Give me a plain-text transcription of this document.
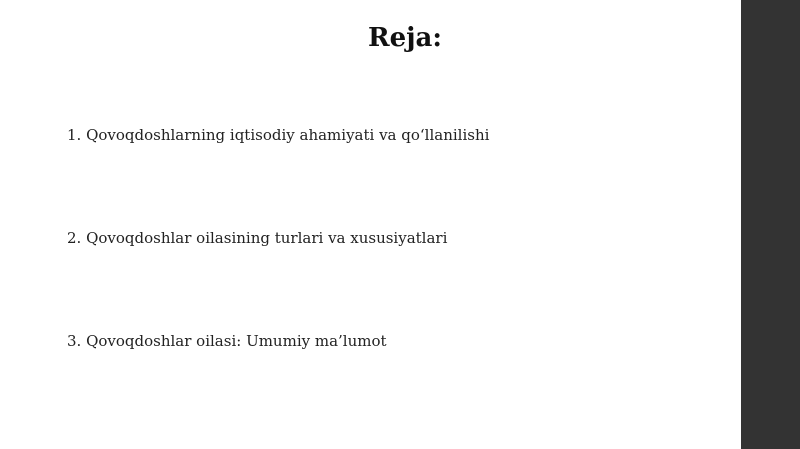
Reja:
1. Qovoqdoshlarning iqtisodiy ahamiyati va qo‘llanilishi
2. Qovoqdoshlar oilasining turlari va xususiyatlari
3. Qovoqdoshlar oilasi: Umumiy ma’lumot
